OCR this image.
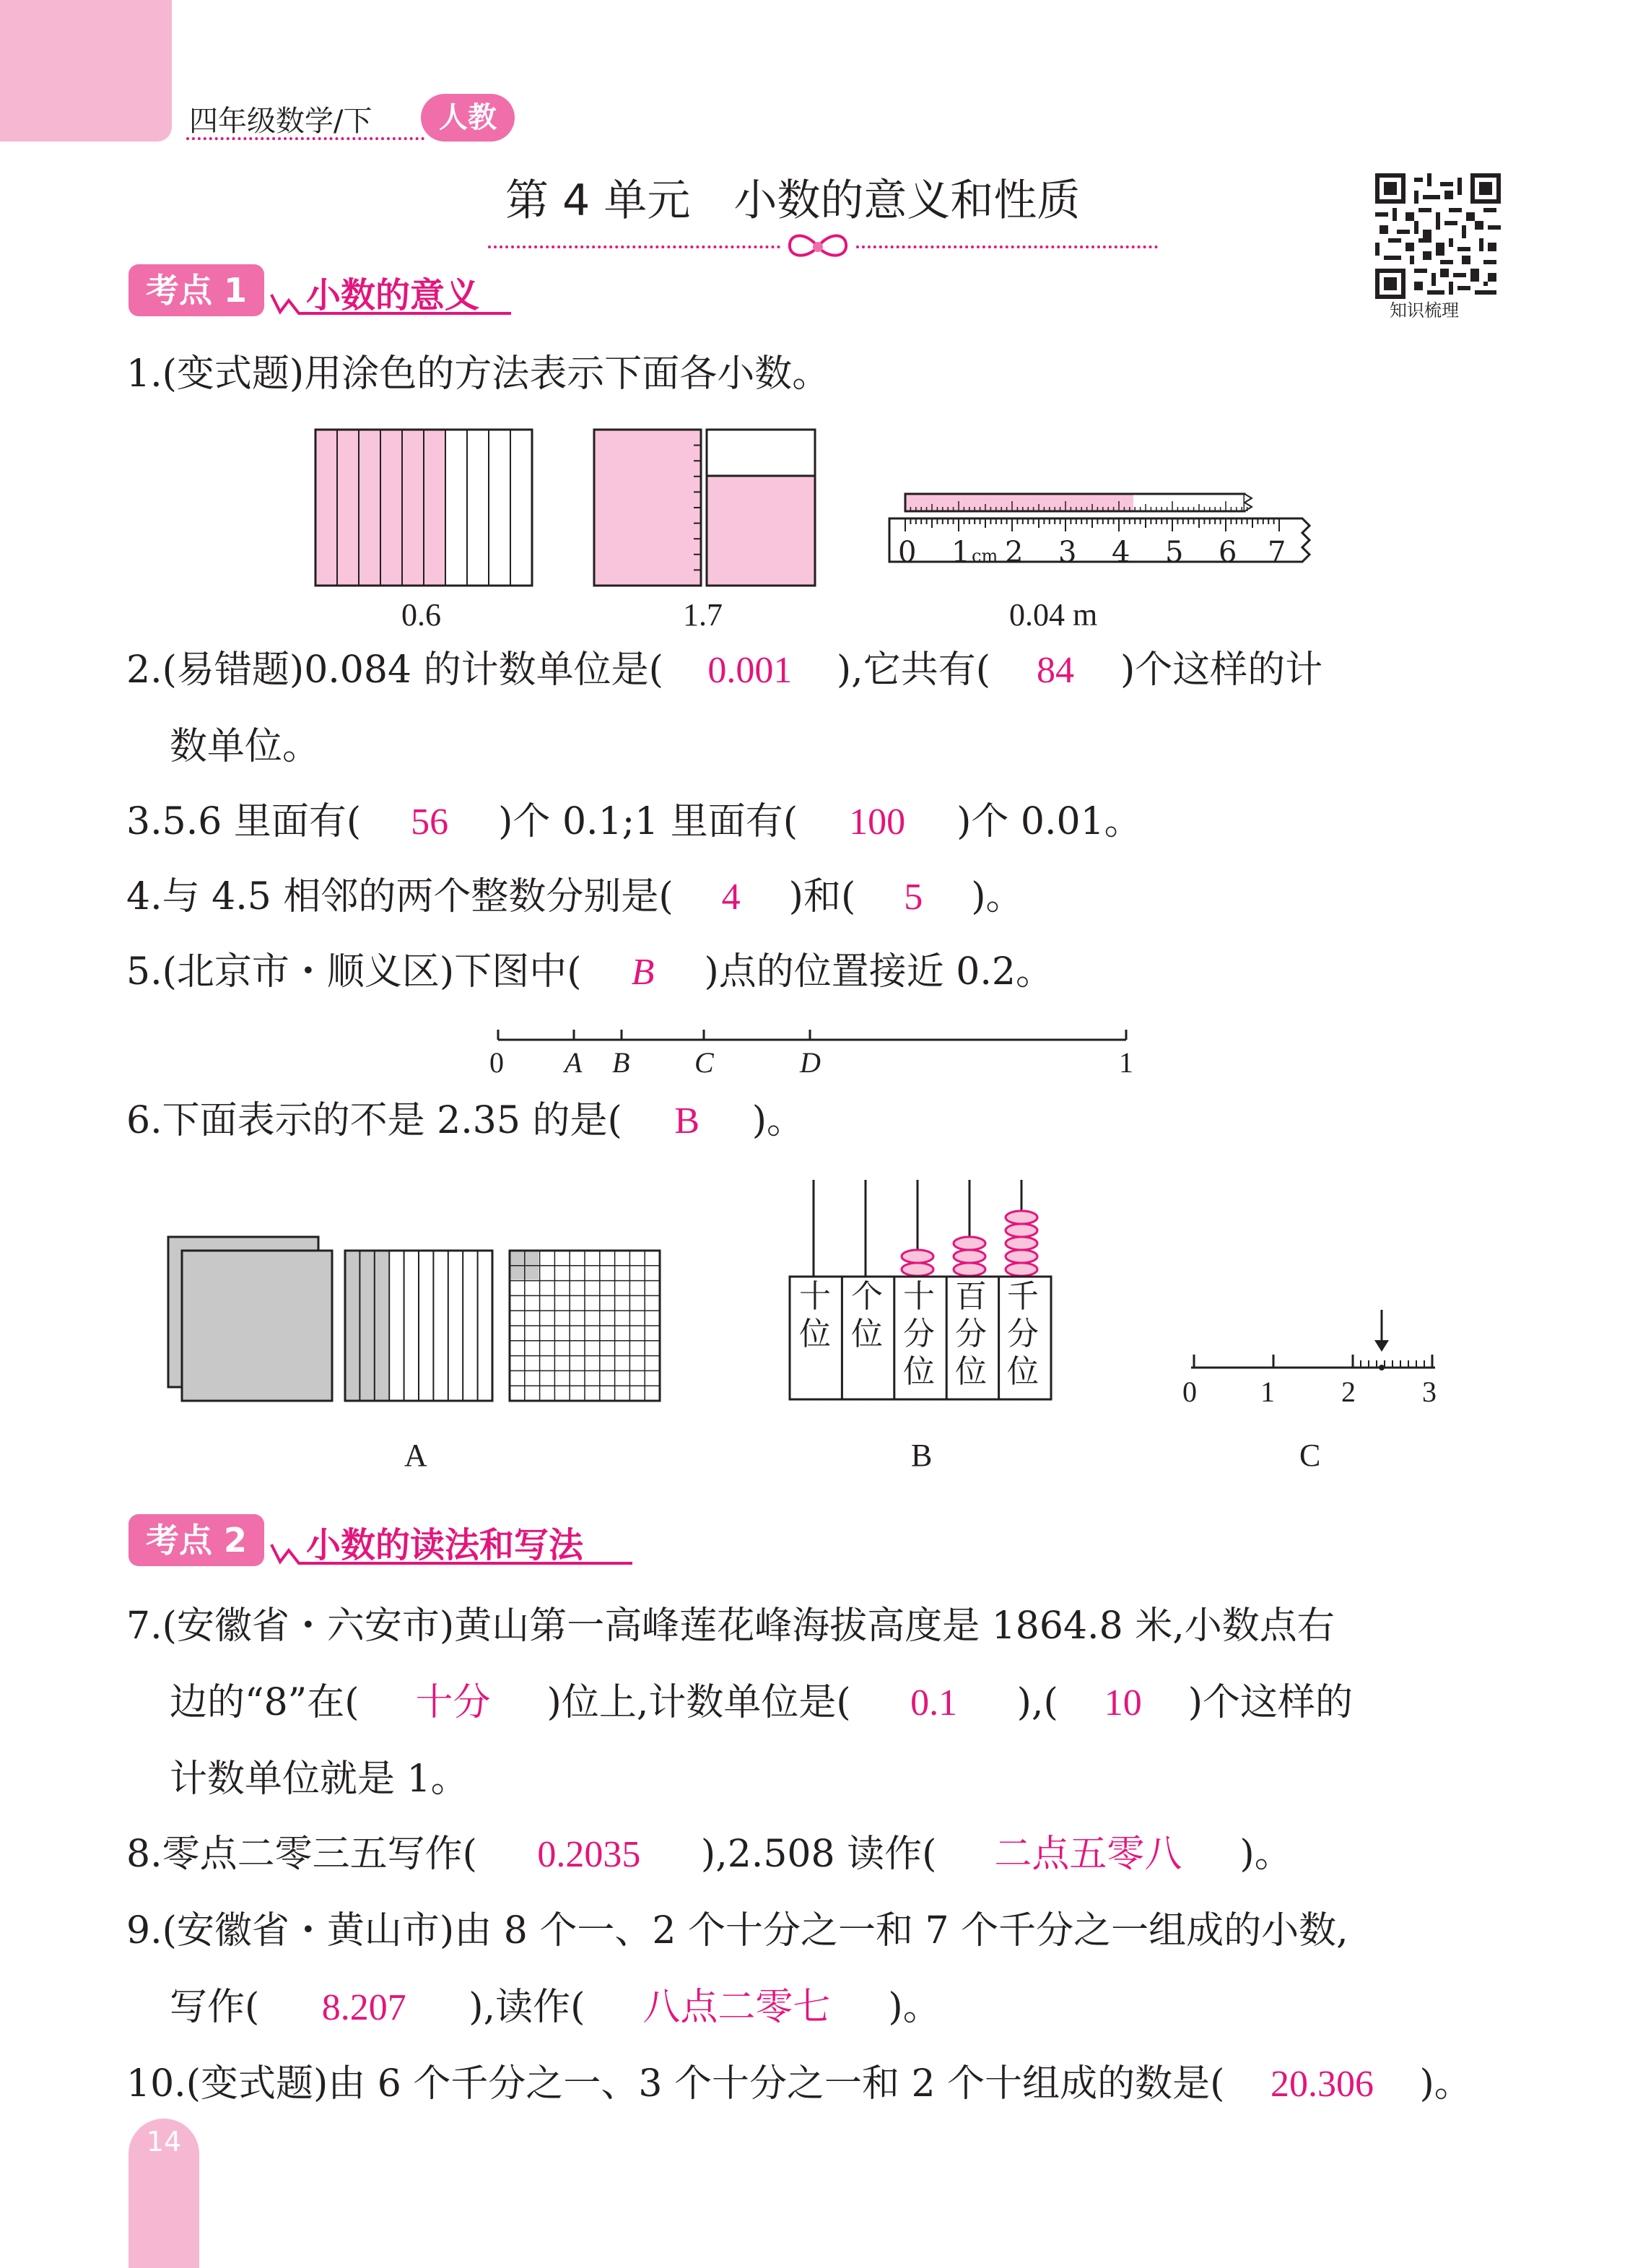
四年级数学/下	人教
第 4 单元　小数的意义和性质
知识梳理
考点 1	小数的意义
1.(变式题)用涂色的方法表示下面各小数。
0 1 cm 2 3 4 5 6 7
0.6	1.7	0.04 m
2.(易错题)0.084 的计数单位是( 0.001 ),它共有( 84 )个这样的计
数单位。
3.5.6 里面有( 56 )个 0.1;1 里面有( 100 )个 0.01。
4.与 4.5 相邻的两个整数分别是( 4 )和( 5 )。
5.(北京市・顺义区)下图中( B )点的位置接近 0.2。
0 A B C	D	1
6.下面表示的不是 2.35 的是( B )。
A
十位
个位
十分位
百分位
千分位
B
0 1 2 3
C
考点 2	小数的读法和写法
7.(安徽省・六安市)黄山第一高峰莲花峰海拔高度是 1864.8 米,小数点右
边的“8”在( 十分 )位上,计数单位是( 0.1 ),( 10 )个这样的
计数单位就是 1。
8.零点二零三五写作( 0.2035 ),2.508 读作( 二点五零八 )。
9.(安徽省・黄山市)由 8 个一、2 个十分之一和 7 个千分之一组成的小数,
写作( 8.207 ),读作( 八点二零七 )。
10.(变式题)由 6 个千分之一、3 个十分之一和 2 个十组成的数是( 20.306 )。
14
